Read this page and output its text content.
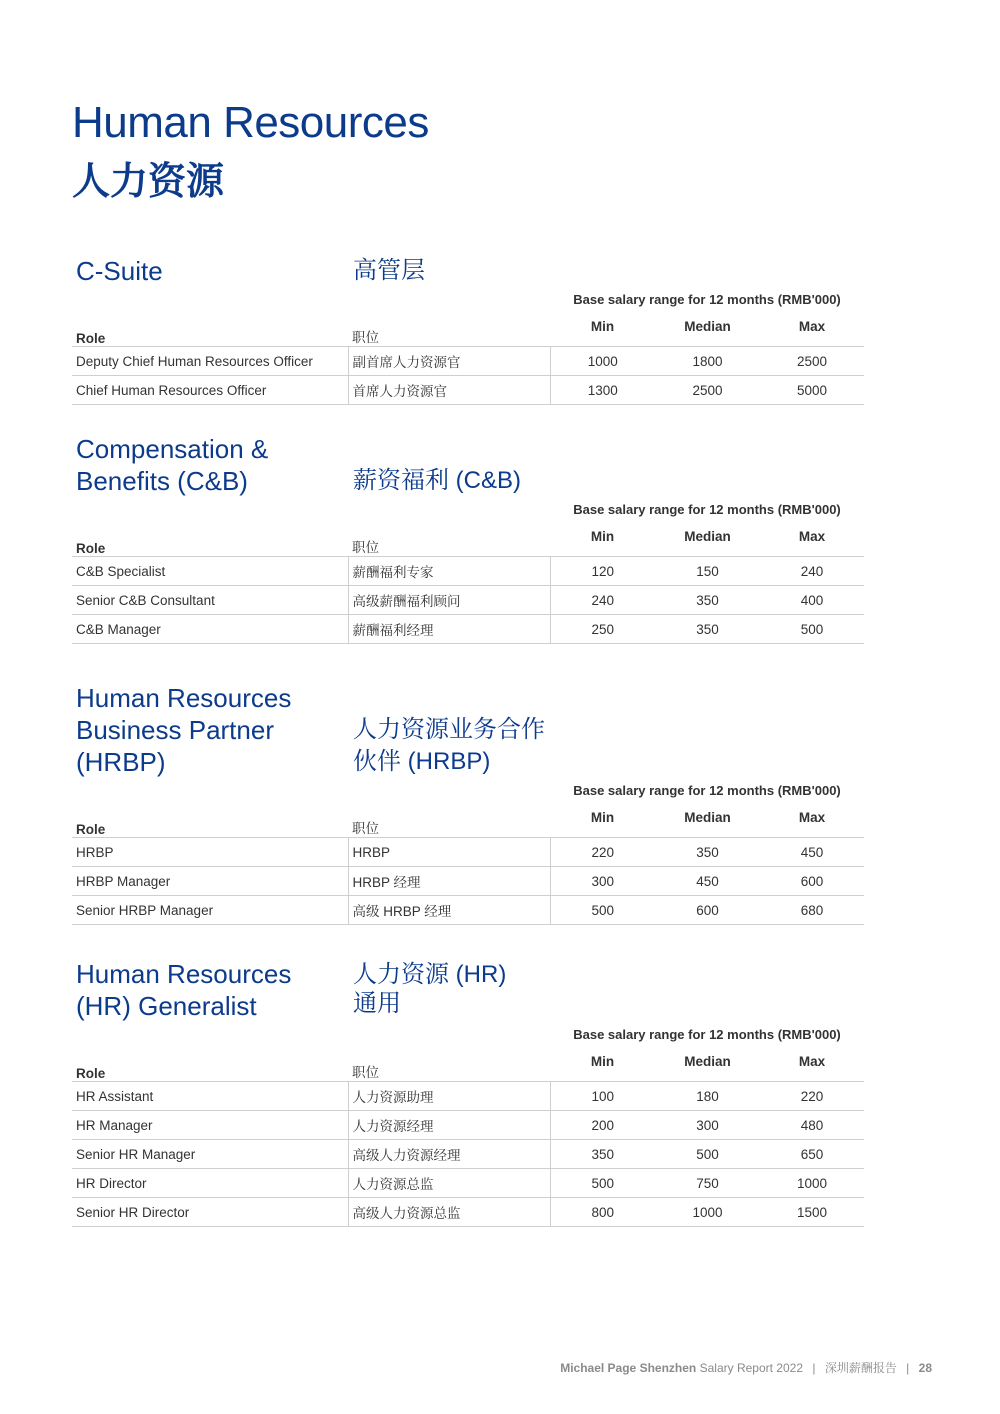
Human Resources
人力资源
C-Suite	高管层
Base salary range for 12 months (RMB'000)
Role	职位	Min	Median	Max
Deputy Chief Human Resources Officer	副首席人力资源官	1000	1800	2500
Chief Human Resources Officer	首席人力资源官	1300	2500	5000
Compensation &
Benefits (C&B)	薪资福利 (C&B)
Base salary range for 12 months (RMB'000)
Role	职位	Min	Median	Max
C&B Specialist	薪酬福利专家	120	150	240
Senior C&B Consultant	高级薪酬福利顾问	240	350	400
C&B Manager	薪酬福利经理	250	350	500
Human Resources
Business Partner
(HRBP)
人力资源业务合作
伙伴 (HRBP)
Base salary range for 12 months (RMB'000)
Role	职位	Min	Median	Max
HRBP	HRBP	220	350	450
HRBP Manager	HRBP 经理	300	450	600
Senior HRBP Manager	高级 HRBP 经理	500	600	680
Human Resources
(HR) Generalist
人力资源 (HR)
通用
Base salary range for 12 months (RMB'000)
Role	职位	Min	Median	Max
HR Assistant	人力资源助理	100	180	220
HR Manager	人力资源经理	200	300	480
Senior HR Manager	高级人力资源经理	350	500	650
HR Director	人力资源总监	500	750	1000
Senior HR Director	高级人力资源总监	800	1000	1500
Michael Page Shenzhen Salary Report 2022 | 深圳薪酬报告 | 28
